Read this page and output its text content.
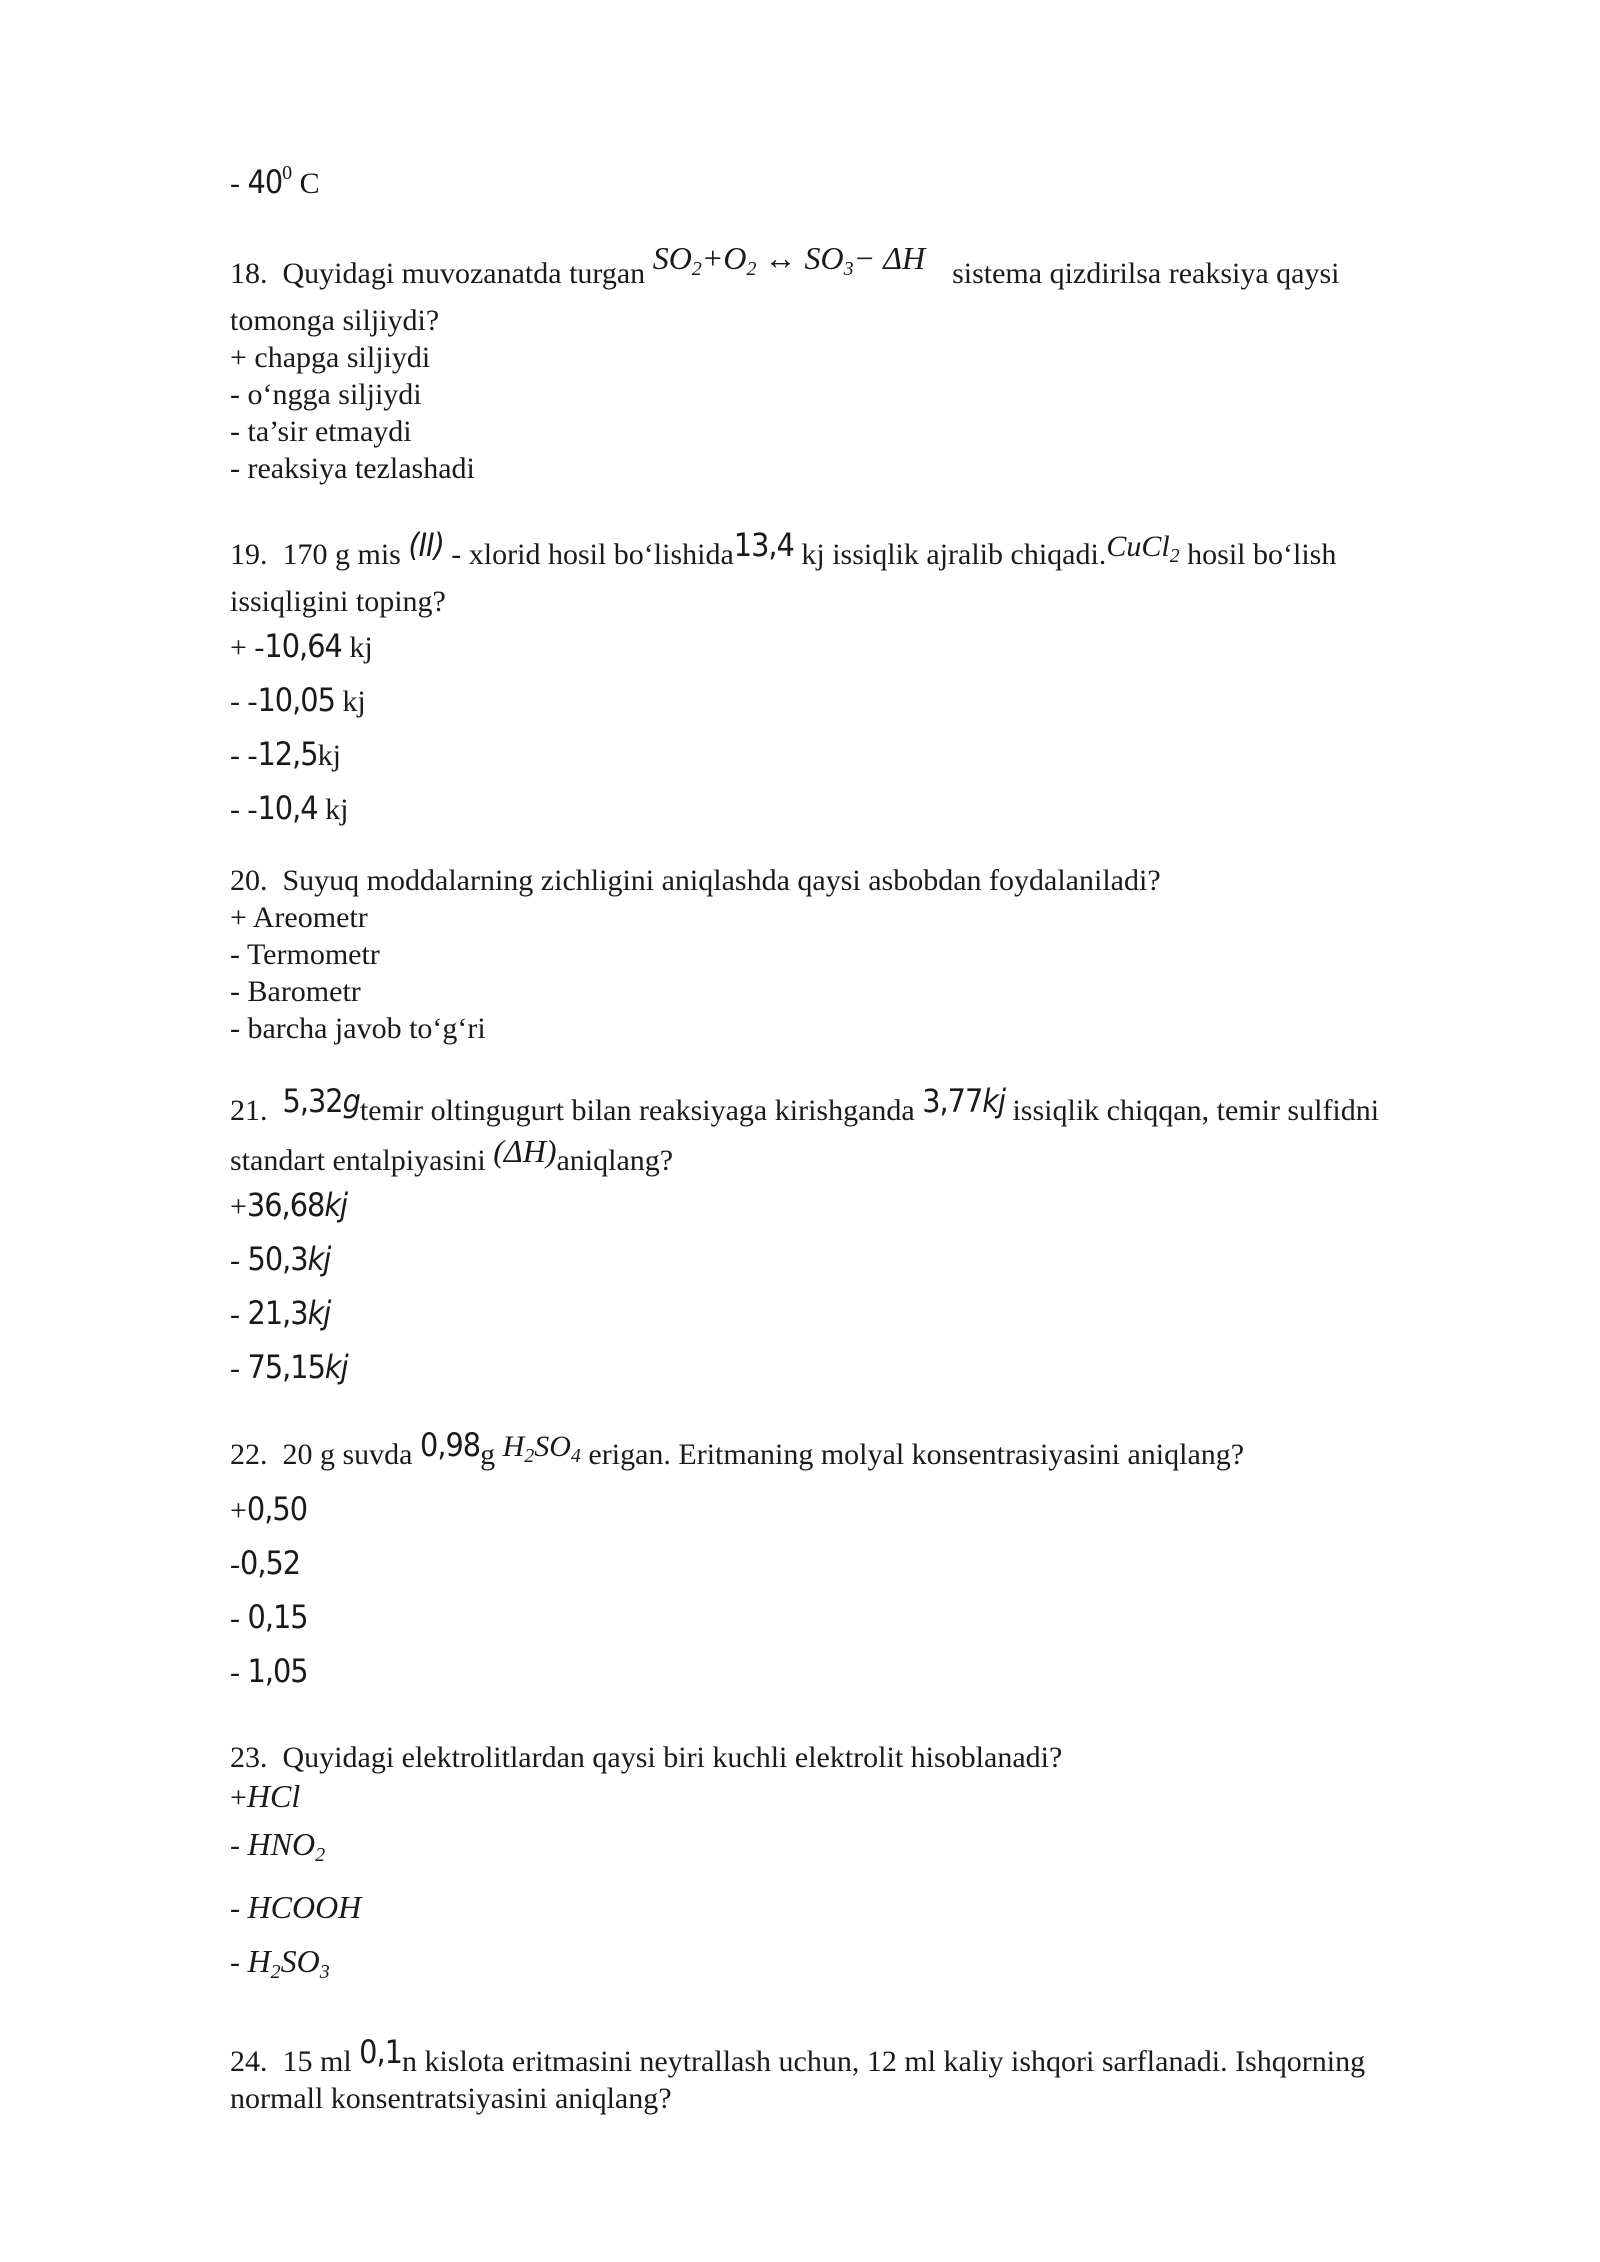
- $40^0$ C
18. Quyidagi muvozanatda turgan $SO_2+O_2$ ↔ $SO_3- \Delta H$ sistema qizdirilsa reaksiya qaysi
tomonga siljiydi?
+ chapga siljiydi
- o‘ngga siljiydi
- ta’sir etmaydi
- reaksiya tezlashadi
19. 170 g mis (II) - xlorid hosil bo‘lishida13,4 kj issiqlik ajralib chiqadi.CuCl$_2$ hosil bo‘lish
issiqligini toping?
+ -10,64 kj
- -10,05 kj
- -12,5kj
- -10,4 kj
20. Suyuq moddalarning zichligini aniqlashda qaysi asbobdan foydalaniladi?
+ Areometr
- Termometr
- Barometr
- barcha javob to‘g‘ri
21. 5,32gtemir oltingugurt bilan reaksiyaga kirishganda 3,77kj issiqlik chiqqan, temir sulfidni
standart entalpiyasini (ΔH)aniqlang?
+36,68kj
- 50,3kj
- 21,3kj
- 75,15kj
22. 20 g suvda 0,98g $H_2SO_4$ erigan. Eritmaning molyal konsentrasiyasini aniqlang?
+0,50
-0,52
- 0,15
- 1,05
23. Quyidagi elektrolitlardan qaysi biri kuchli elektrolit hisoblanadi?
+HCl
- $HNO_2$
- HCOOH
- $H_2SO_3$
24. 15 ml 0,1n kislota eritmasini neytrallash uchun, 12 ml kaliy ishqori sarflanadi. Ishqorning
normall konsentratsiyasini aniqlang?
